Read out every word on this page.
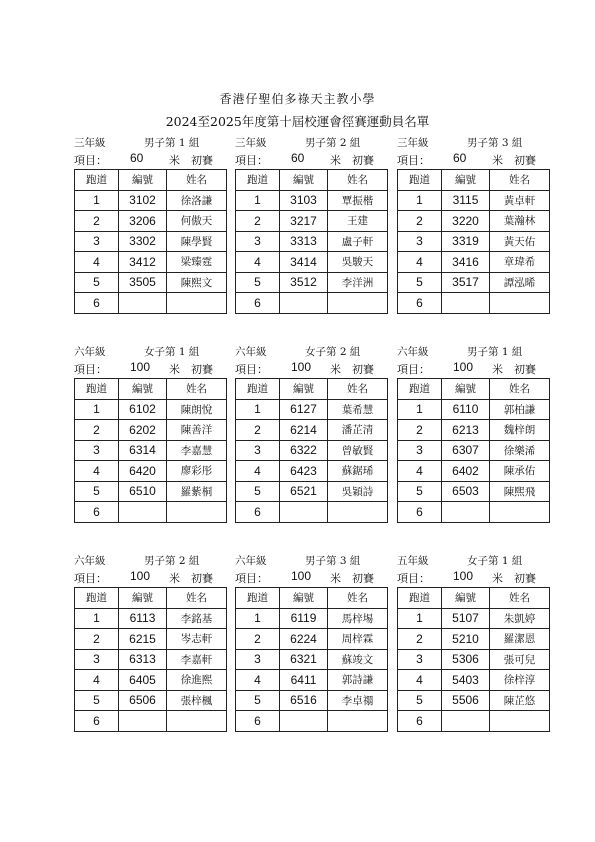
香港仔聖伯多祿天主教小學
2024至2025年度第十屆校運會徑賽運動員名單
三年級	男子第 1 組
項目： 60 米 初賽
跑道	編號	姓名
1	3102	徐洛謙
2	3206	何傲天
3	3302	陳學賢
4	3412	梁臻霆
5	3505	陳熙文
6		
三年級	男子第 2 組
項目： 60 米 初賽
跑道	編號	姓名
1	3103	覃振楷
2	3217	王建
3	3313	盧子軒
4	3414	吳駿天
5	3512	李洋洲
6		
三年級	男子第 3 組
項目： 60 米 初賽
跑道	編號	姓名
1	3115	黃卓軒
2	3220	葉瀚林
3	3319	黃天佑
4	3416	章瑋希
5	3517	譚泓晞
6		
六年級	女子第 1 組
項目： 100 米 初賽
跑道	編號	姓名
1	6102	陳朗悅
2	6202	陳善洋
3	6314	李嘉慧
4	6420	廖彩彤
5	6510	羅紫桐
6		
六年級	女子第 2 組
項目： 100 米 初賽
跑道	編號	姓名
1	6127	葉希慧
2	6214	潘芷清
3	6322	曾敏賢
4	6423	蘇鋸琋
5	6521	吳穎詩
6		
六年級	男子第 1 組
項目： 100 米 初賽
跑道	編號	姓名
1	6110	郭柏謙
2	6213	魏梓朗
3	6307	徐樂浠
4	6402	陳承佑
5	6503	陳煕飛
6		
六年級	男子第 2 組
項目： 100 米 初賽
跑道	編號	姓名
1	6113	李銘基
2	6215	岑志軒
3	6313	李嘉軒
4	6405	徐進熙
5	6506	張梓楓
6		
六年級	男子第 3 組
項目： 100 米 初賽
跑道	編號	姓名
1	6119	馬梓埸
2	6224	周梓霖
3	6321	蘇竣文
4	6411	郭詩謙
5	6516	李卓禤
6		
五年級	女子第 1 組
項目： 100 米 初賽
跑道	編號	姓名
1	5107	朱凱婷
2	5210	羅潔恩
3	5306	張可兒
4	5403	徐梓淳
5	5506	陳芷悠
6		
